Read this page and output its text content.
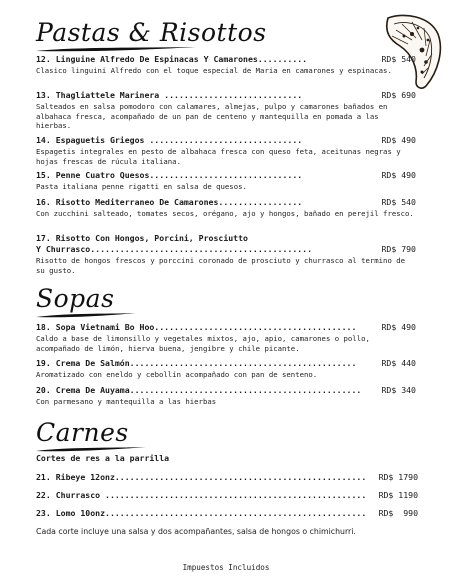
Pastas & Risottos
12. Linguine Alfredo De Espinacas Y Camarones..........	RD$ 540
Clasico linguini Alfredo con el toque especial de Maria en camarones y espinacas.
13. Thagliattele Marinera ............................	RD$ 690
Salteados en salsa pomodoro con calamares, almejas, pulpo y camarones bañados en albahaca fresca, acompañado de un pan de centeno y mantequilla en pomada a las hierbas.
14. Espaguetis Griegos ...............................	RD$ 490
Espagetis integrales en pesto de albahaca fresca con queso feta, aceitunas negras y hojas frescas de rúcula italiana.
15. Penne Cuatro Quesos...............................	RD$ 490
Pasta italiana penne rigatti en salsa de quesos.
16. Risotto Mediterraneo De Camarones.................	RD$ 540
Con zucchini salteado, tomates secos, orégano, ajo y hongos, bañado en perejil fresco.
17. Risotto Con Hongos, Porcini, Prosciutto
Y Churrasco.............................................	RD$ 790
Risotto de hongos frescos y porccini coronado de prosciuto y churrasco al termino de su gusto.
Sopas
18. Sopa Vietnami Bo Hoo.........................................	RD$ 490
Caldo a base de limonsillo y vegetales mixtos, ajo, apio, camarones o pollo, acompañado de limón, hierva buena, jengibre y chile picante.
19. Crema De Salmón..............................................	RD$ 440
Aromatizado con eneldo y cebollín acompañado con pan de senteno.
20. Crema De Auyama............................................... RD$ 340
Con parmesano y mantequilla a las hierbas
Carnes
Cortes de res a la parrilla
21. Ribeye 12onz................................................... RD$ 1790
22. Churrasco ..................................................... RD$ 1190
23. Lomo 10onz..................................................... RD$  990
Cada corte incluye una salsa y dos acompañantes, salsa de hongos o chimichurri.
Impuestos Incluidos
